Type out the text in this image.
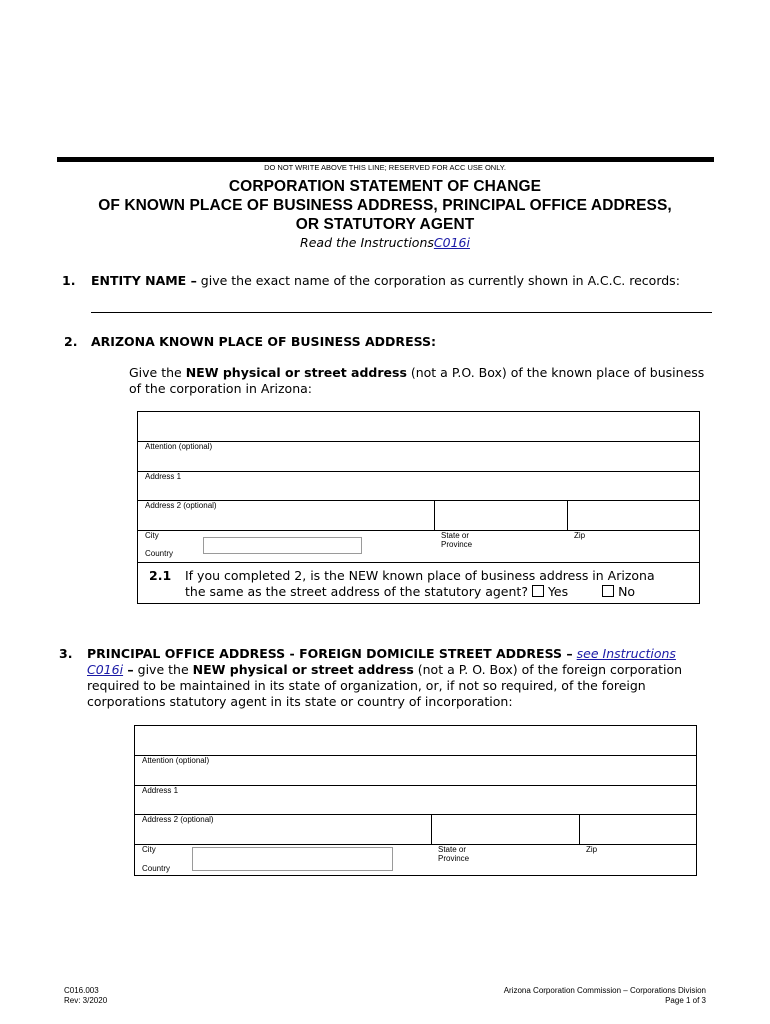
DO NOT WRITE ABOVE THIS LINE; RESERVED FOR ACC USE ONLY.
CORPORATION STATEMENT OF CHANGE
OF KNOWN PLACE OF BUSINESS ADDRESS, PRINCIPAL OFFICE ADDRESS,
OR STATUTORY AGENT
Read the InstructionsC016i
1. ENTITY NAME – give the exact name of the corporation as currently shown in A.C.C. records:
2. ARIZONA KNOWN PLACE OF BUSINESS ADDRESS:
Give the NEW physical or street address (not a P.O. Box) of the known place of business
of the corporation in Arizona:
Attention (optional)
Address 1
Address 2 (optional)
City	State or
Province
Zip
Country
2.1 If you completed 2, is the NEW known place of business address in Arizona
the same as the street address of the statutory agent? Yes	No
3. PRINCIPAL OFFICE ADDRESS - FOREIGN DOMICILE STREET ADDRESS – see Instructions
C016i – give the NEW physical or street address (not a P. O. Box) of the foreign corporation
required to be maintained in its state of organization, or, if not so required, of the foreign
corporations statutory agent in its state or country of incorporation:
Attention (optional)
Address 1
Address 2 (optional)
City	State or
Province
Zip
Country
C016.003
Rev: 3/2020
Arizona Corporation Commission – Corporations Division
Page 1 of 3
